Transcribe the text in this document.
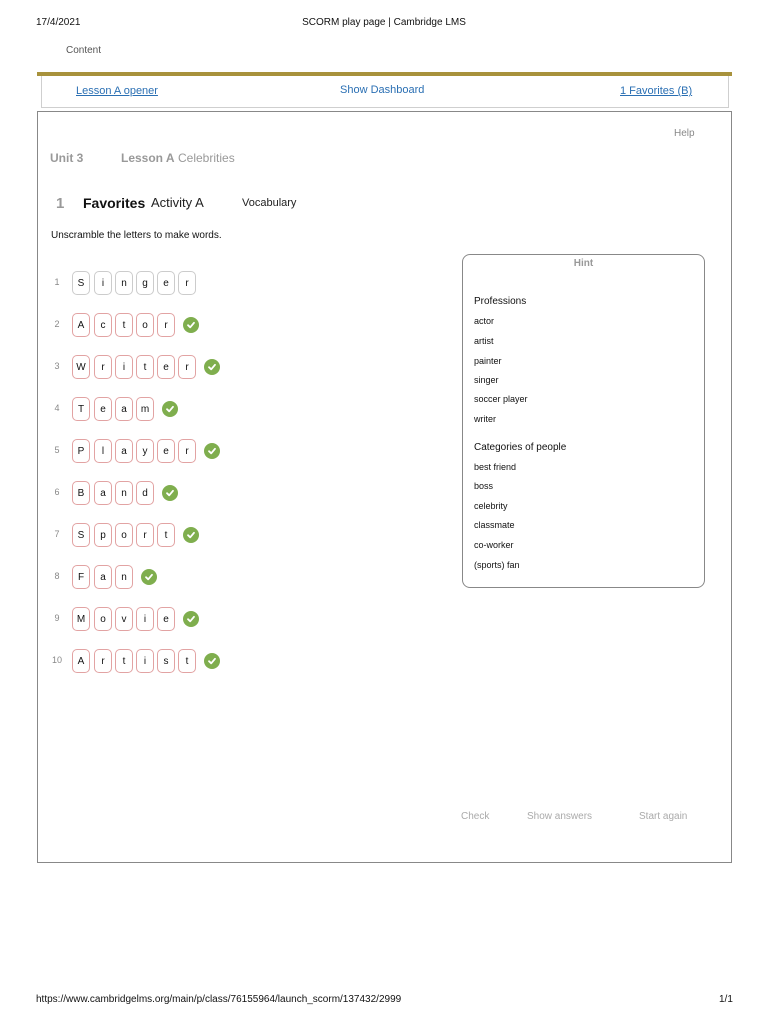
17/4/2021	SCORM play page | Cambridge LMS
Content
Lesson A opener	Show Dashboard	1 Favorites (B)
Help
Unit 3	Lesson A Celebrities
1 Favorites Activity A	Vocabulary
Unscramble the letters to make words.
1	S	i	n	g	e	r
2	A	c	t	o	r
3	W	r	i	t	e	r
4	T	e	a	m
5	P	l	a	y	e	r
6	B	a	n	d
7	S	p	o	r	t
8	F	a	n
9	M	o	v	i	e
10	A	r	t	i	s	t
Hint
Professions
actor
artist
painter
singer
soccer player
writer
Categories of people
best friend
boss
celebrity
classmate
co-worker
(sports) fan
Check	Show answers	Start again
https://www.cambridgelms.org/main/p/class/76155964/launch_scorm/137432/2999	1/1
